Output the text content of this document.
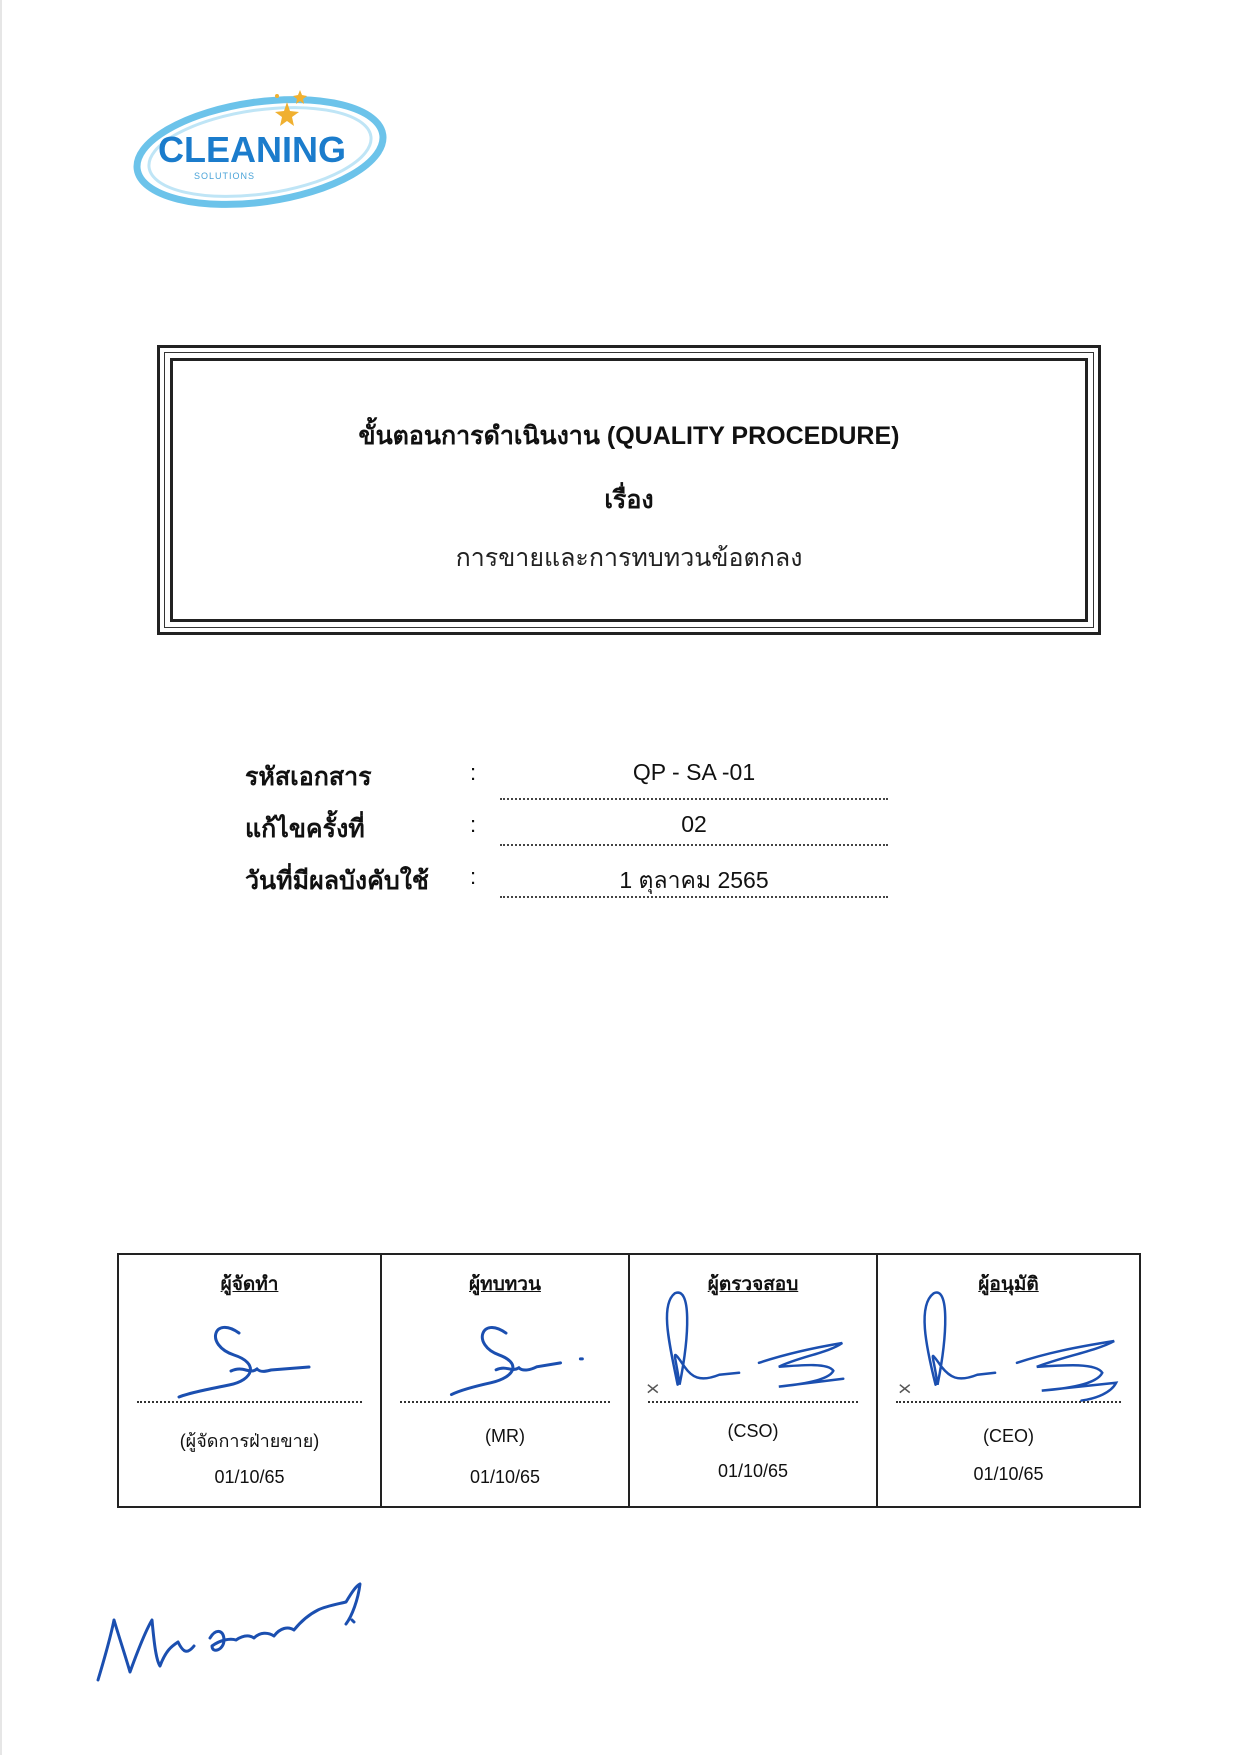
CLEANING
SOLUTIONS
ขั้นตอนการดำเนินงาน (QUALITY PROCEDURE)
เรื่อง
การขายและการทบทวนข้อตกลง
รหัสเอกสาร	:	QP - SA -01
แก้ไขครั้งที่	:	02
วันที่มีผลบังคับใช้ :	1 ตุลาคม 2565
ผู้จัดทำ
(ผู้จัดการฝ่ายขาย)
01/10/65
ผู้ทบทวน
(MR)
01/10/65
ผู้ตรวจสอบ
(CSO)
01/10/65
ผู้อนุมัติ
(CEO)
01/10/65
